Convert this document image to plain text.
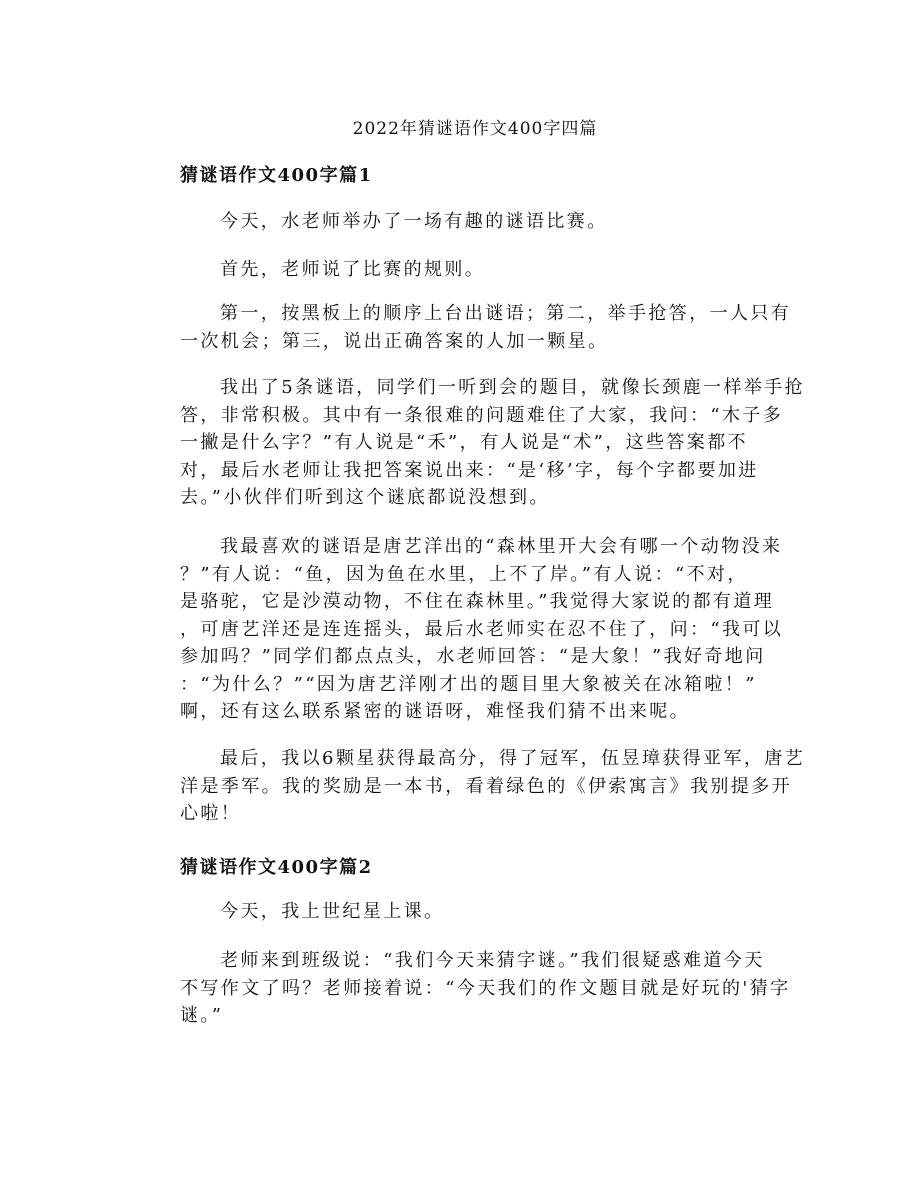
2022年猜谜语作文400字四篇
猜谜语作文400字篇1
今天，水老师举办了一场有趣的谜语比赛。
首先，老师说了比赛的规则。
第一，按黑板上的顺序上台出谜语；第二，举手抢答，一人只有
一次机会；第三，说出正确答案的人加一颗星。
我出了5条谜语，同学们一听到会的题目，就像长颈鹿一样举手抢
答，非常积极。其中有一条很难的问题难住了大家，我问：“木子多
一撇是什么字？”有人说是“禾”，有人说是“术”，这些答案都不
对，最后水老师让我把答案说出来：“是‘移’字，每个字都要加进
去。”小伙伴们听到这个谜底都说没想到。
我最喜欢的谜语是唐艺洋出的“森林里开大会有哪一个动物没来
？”有人说：“鱼，因为鱼在水里，上不了岸。”有人说：“不对，
是骆驼，它是沙漠动物，不住在森林里。”我觉得大家说的都有道理
，可唐艺洋还是连连摇头，最后水老师实在忍不住了，问：“我可以
参加吗？”同学们都点点头，水老师回答：“是大象！”我好奇地问
：“为什么？”“因为唐艺洋刚才出的题目里大象被关在冰箱啦！”
啊，还有这么联系紧密的谜语呀，难怪我们猜不出来呢。
最后，我以6颗星获得最高分，得了冠军，伍昱璋获得亚军，唐艺
洋是季军。我的奖励是一本书，看着绿色的《伊索寓言》我别提多开
心啦！
猜谜语作文400字篇2
今天，我上世纪星上课。
老师来到班级说：“我们今天来猜字谜。”我们很疑惑难道今天
不写作文了吗？老师接着说：“今天我们的作文题目就是好玩的'猜字
谜。”
